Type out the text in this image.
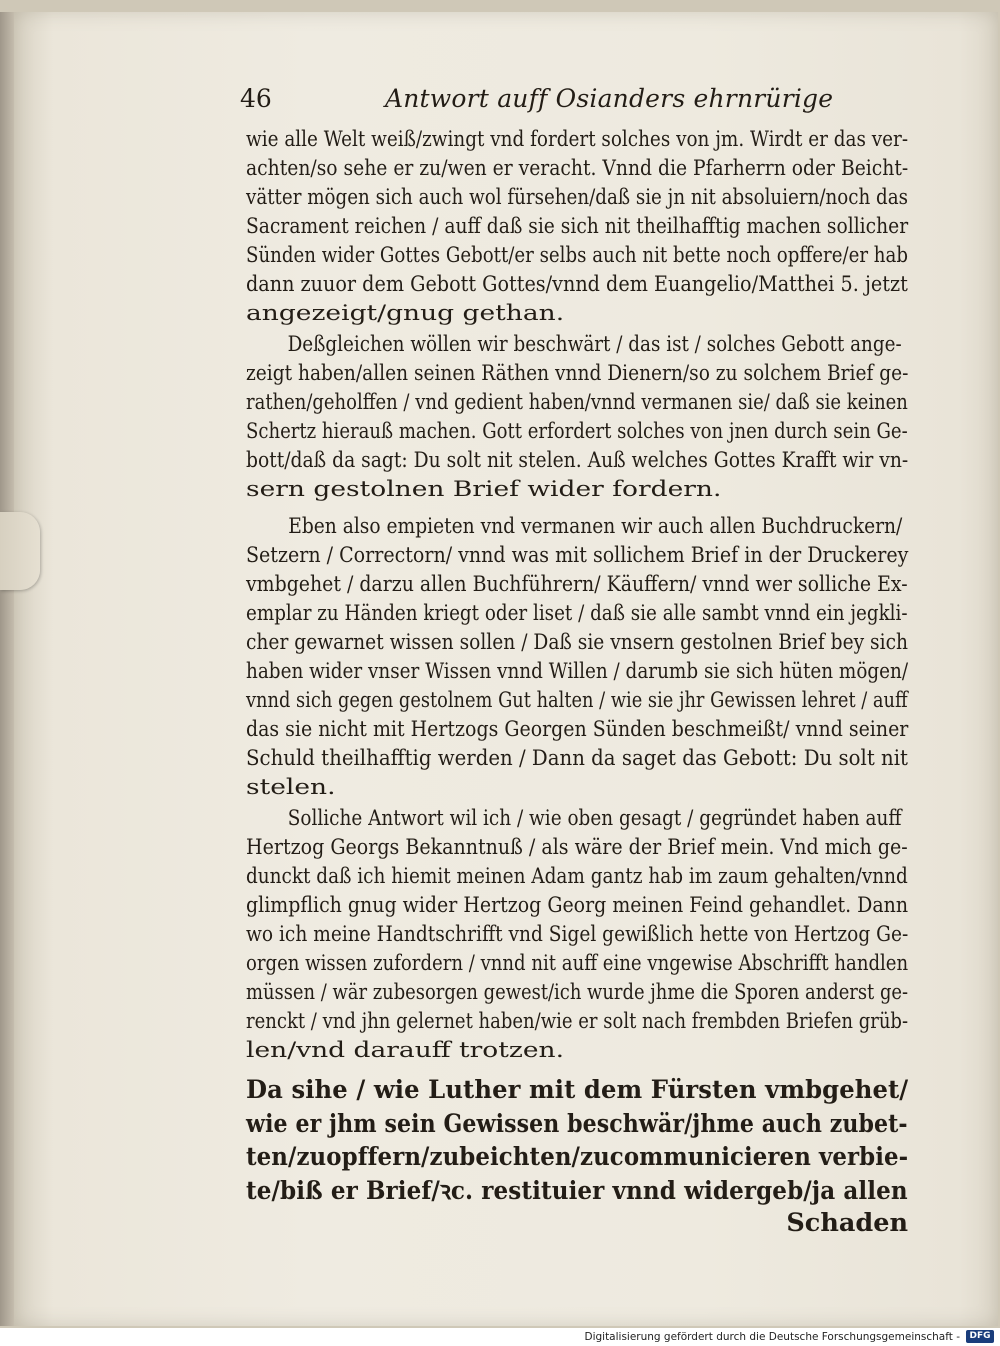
46	Antwort auff Osianders ehrnrürige

wie alle Welt weiß/zwingt vnd fordert solches von jm. Wirdt er das ver-
achten/so sehe er zu/wen er veracht. Vnnd die Pfarherrn oder Beicht-
vätter mögen sich auch wol fürsehen/daß sie jn nit absoluiern/noch das
Sacrament reichen / auff daß sie sich nit theilhafftig machen sollicher
Sünden wider Gottes Gebott/er selbs auch nit bette noch opffere/er hab
dann zuuor dem Gebott Gottes/vnnd dem Euangelio/Matthei 5. jetzt
angezeigt/gnug gethan.

Deßgleichen wöllen wir beschwärt / das ist / solches Gebott ange-
zeigt haben/allen seinen Räthen vnnd Dienern/so zu solchem Brief ge-
rathen/geholffen / vnd gedient haben/vnnd vermanen sie/ daß sie keinen
Schertz hierauß machen. Gott erfordert solches von jnen durch sein Ge-
bott/daß da sagt: Du solt nit stelen. Auß welches Gottes Krafft wir vn-
sern gestolnen Brief wider fordern.

Eben also empieten vnd vermanen wir auch allen Buchdruckern/
Setzern / Correctorn/ vnnd was mit sollichem Brief in der Druckerey
vmbgehet / darzu allen Buchführern/ Käuffern/ vnnd wer solliche Ex-
emplar zu Händen kriegt oder liset / daß sie alle sambt vnnd ein jegkli-
cher gewarnet wissen sollen / Daß sie vnsern gestolnen Brief bey sich
haben wider vnser Wissen vnnd Willen / darumb sie sich hüten mögen/
vnnd sich gegen gestolnem Gut halten / wie sie jhr Gewissen lehret / auff
das sie nicht mit Hertzogs Georgen Sünden beschmeißt/ vnnd seiner
Schuld theilhafftig werden / Dann da saget das Gebott: Du solt nit
stelen.

Solliche Antwort wil ich / wie oben gesagt / gegründet haben auff
Hertzog Georgs Bekanntnuß / als wäre der Brief mein. Vnd mich ge-
dunckt daß ich hiemit meinen Adam gantz hab im zaum gehalten/vnnd
glimpflich gnug wider Hertzog Georg meinen Feind gehandlet. Dann
wo ich meine Handtschrifft vnd Sigel gewißlich hette von Hertzog Ge-
orgen wissen zufordern / vnnd nit auff eine vngewise Abschrifft handlen
müssen / wär zubesorgen gewest/ich wurde jhme die Sporen anderst ge-
renckt / vnd jhn gelernet haben/wie er solt nach frembden Briefen grüb-
len/vnd darauff trotzen.

Da sihe / wie Luther mit dem Fürsten vmbgehet/
wie er jhm sein Gewissen beschwär/jhme auch zubet-
ten/zuopffern/zubeichten/zucommunicieren verbie-
te/biß er Brief/ꝛc. restituier vnnd widergeb/ja allen

Schaden
Digitalisierung gefördert durch die Deutsche Forschungsgemeinschaft -	DFG
